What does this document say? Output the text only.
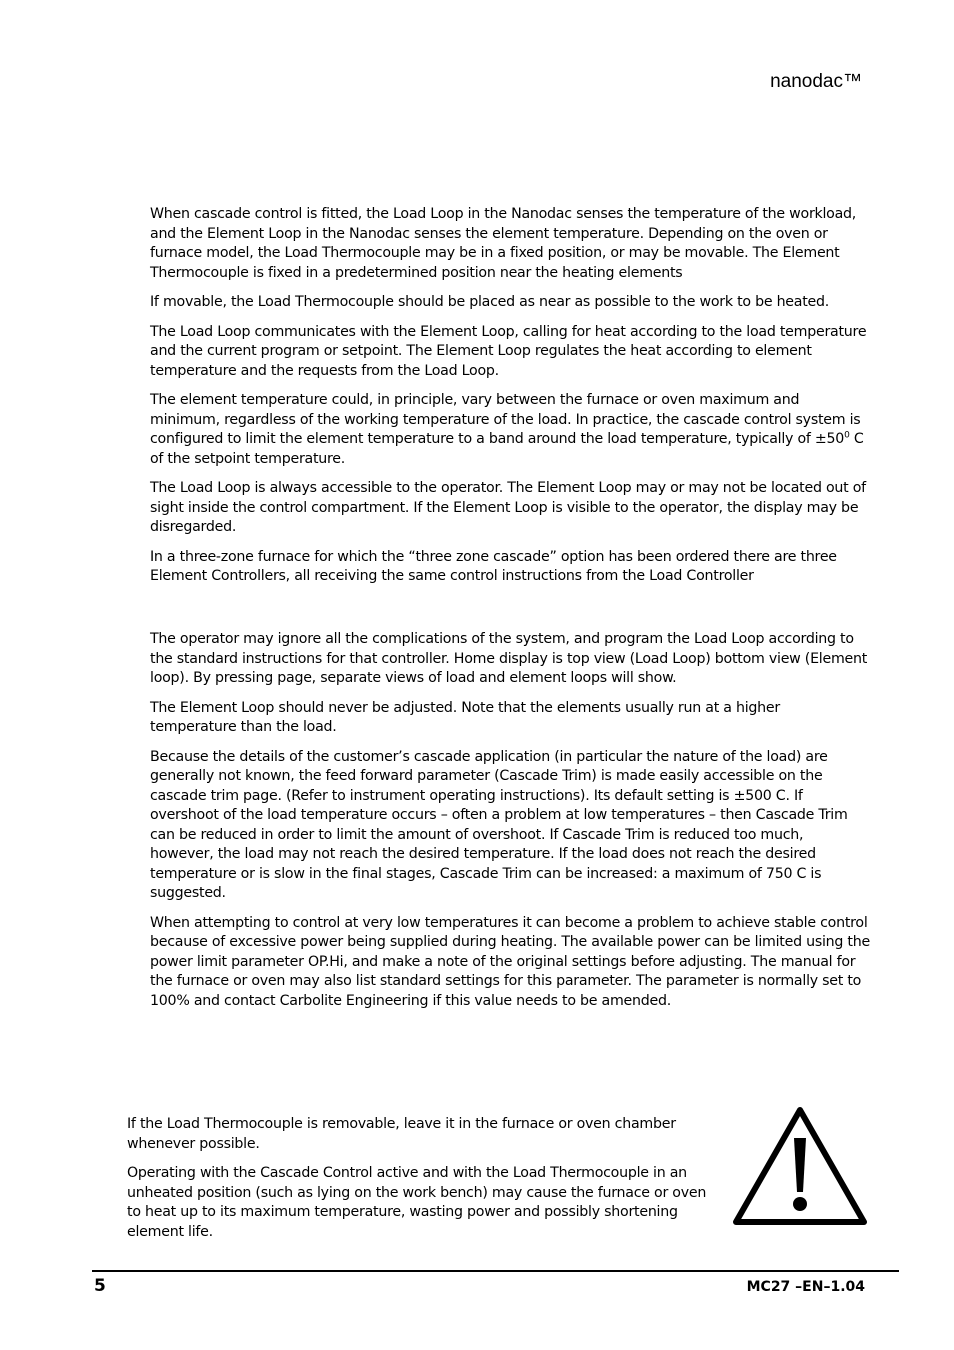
nanodac™

When cascade control is fitted, the Load Loop in the Nanodac senses the temperature of the workload, and the Element Loop in the Nanodac senses the element temperature. Depending on the oven or furnace model, the Load Thermocouple may be in a fixed position, or may be movable. The Element Thermocouple is fixed in a predetermined position near the heating elements

If movable, the Load Thermocouple should be placed as near as possible to the work to be heated.

The Load Loop communicates with the Element Loop, calling for heat according to the load temperature and the current program or setpoint. The Element Loop regulates the heat according to element temperature and the requests from the Load Loop.

The element temperature could, in principle, vary between the furnace or oven maximum and minimum, regardless of the working temperature of the load. In practice, the cascade control system is configured to limit the element temperature to a band around the load temperature, typically of $\pm 50^0$ C of the setpoint temperature.

The Load Loop is always accessible to the operator. The Element Loop may or may not be located out of sight inside the control compartment. If the Element Loop is visible to the operator, the display may be disregarded.

In a three-zone furnace for which the “three zone cascade” option has been ordered there are three Element Controllers, all receiving the same control instructions from the Load Controller

The operator may ignore all the complications of the system, and program the Load Loop according to the standard instructions for that controller. Home display is top view (Load Loop) bottom view (Element loop). By pressing page, separate views of load and element loops will show.

The Element Loop should never be adjusted. Note that the elements usually run at a higher temperature than the load.

Because the details of the customer’s cascade application (in particular the nature of the load) are generally not known, the feed forward parameter (Cascade Trim) is made easily accessible on the cascade trim page. (Refer to instrument operating instructions). Its default setting is ±500 C. If overshoot of the load temperature occurs – often a problem at low temperatures – then Cascade Trim can be reduced in order to limit the amount of overshoot. If Cascade Trim is reduced too much, however, the load may not reach the desired temperature. If the load does not reach the desired temperature or is slow in the final stages, Cascade Trim can be increased: a maximum of 750 C is suggested.

When attempting to control at very low temperatures it can become a problem to achieve stable control because of excessive power being supplied during heating. The available power can be limited using the power limit parameter OP.Hi, and make a note of the original settings before adjusting. The manual for the furnace or oven may also list standard settings for this parameter. The parameter is normally set to 100% and contact Carbolite Engineering if this value needs to be amended.

If the Load Thermocouple is removable, leave it in the furnace or oven chamber whenever possible.

Operating with the Cascade Control active and with the Load Thermocouple in an unheated position (such as lying on the work bench) may cause the furnace or oven to heat up to its maximum temperature, wasting power and possibly shortening element life.

5	MC27 –EN–1.04
